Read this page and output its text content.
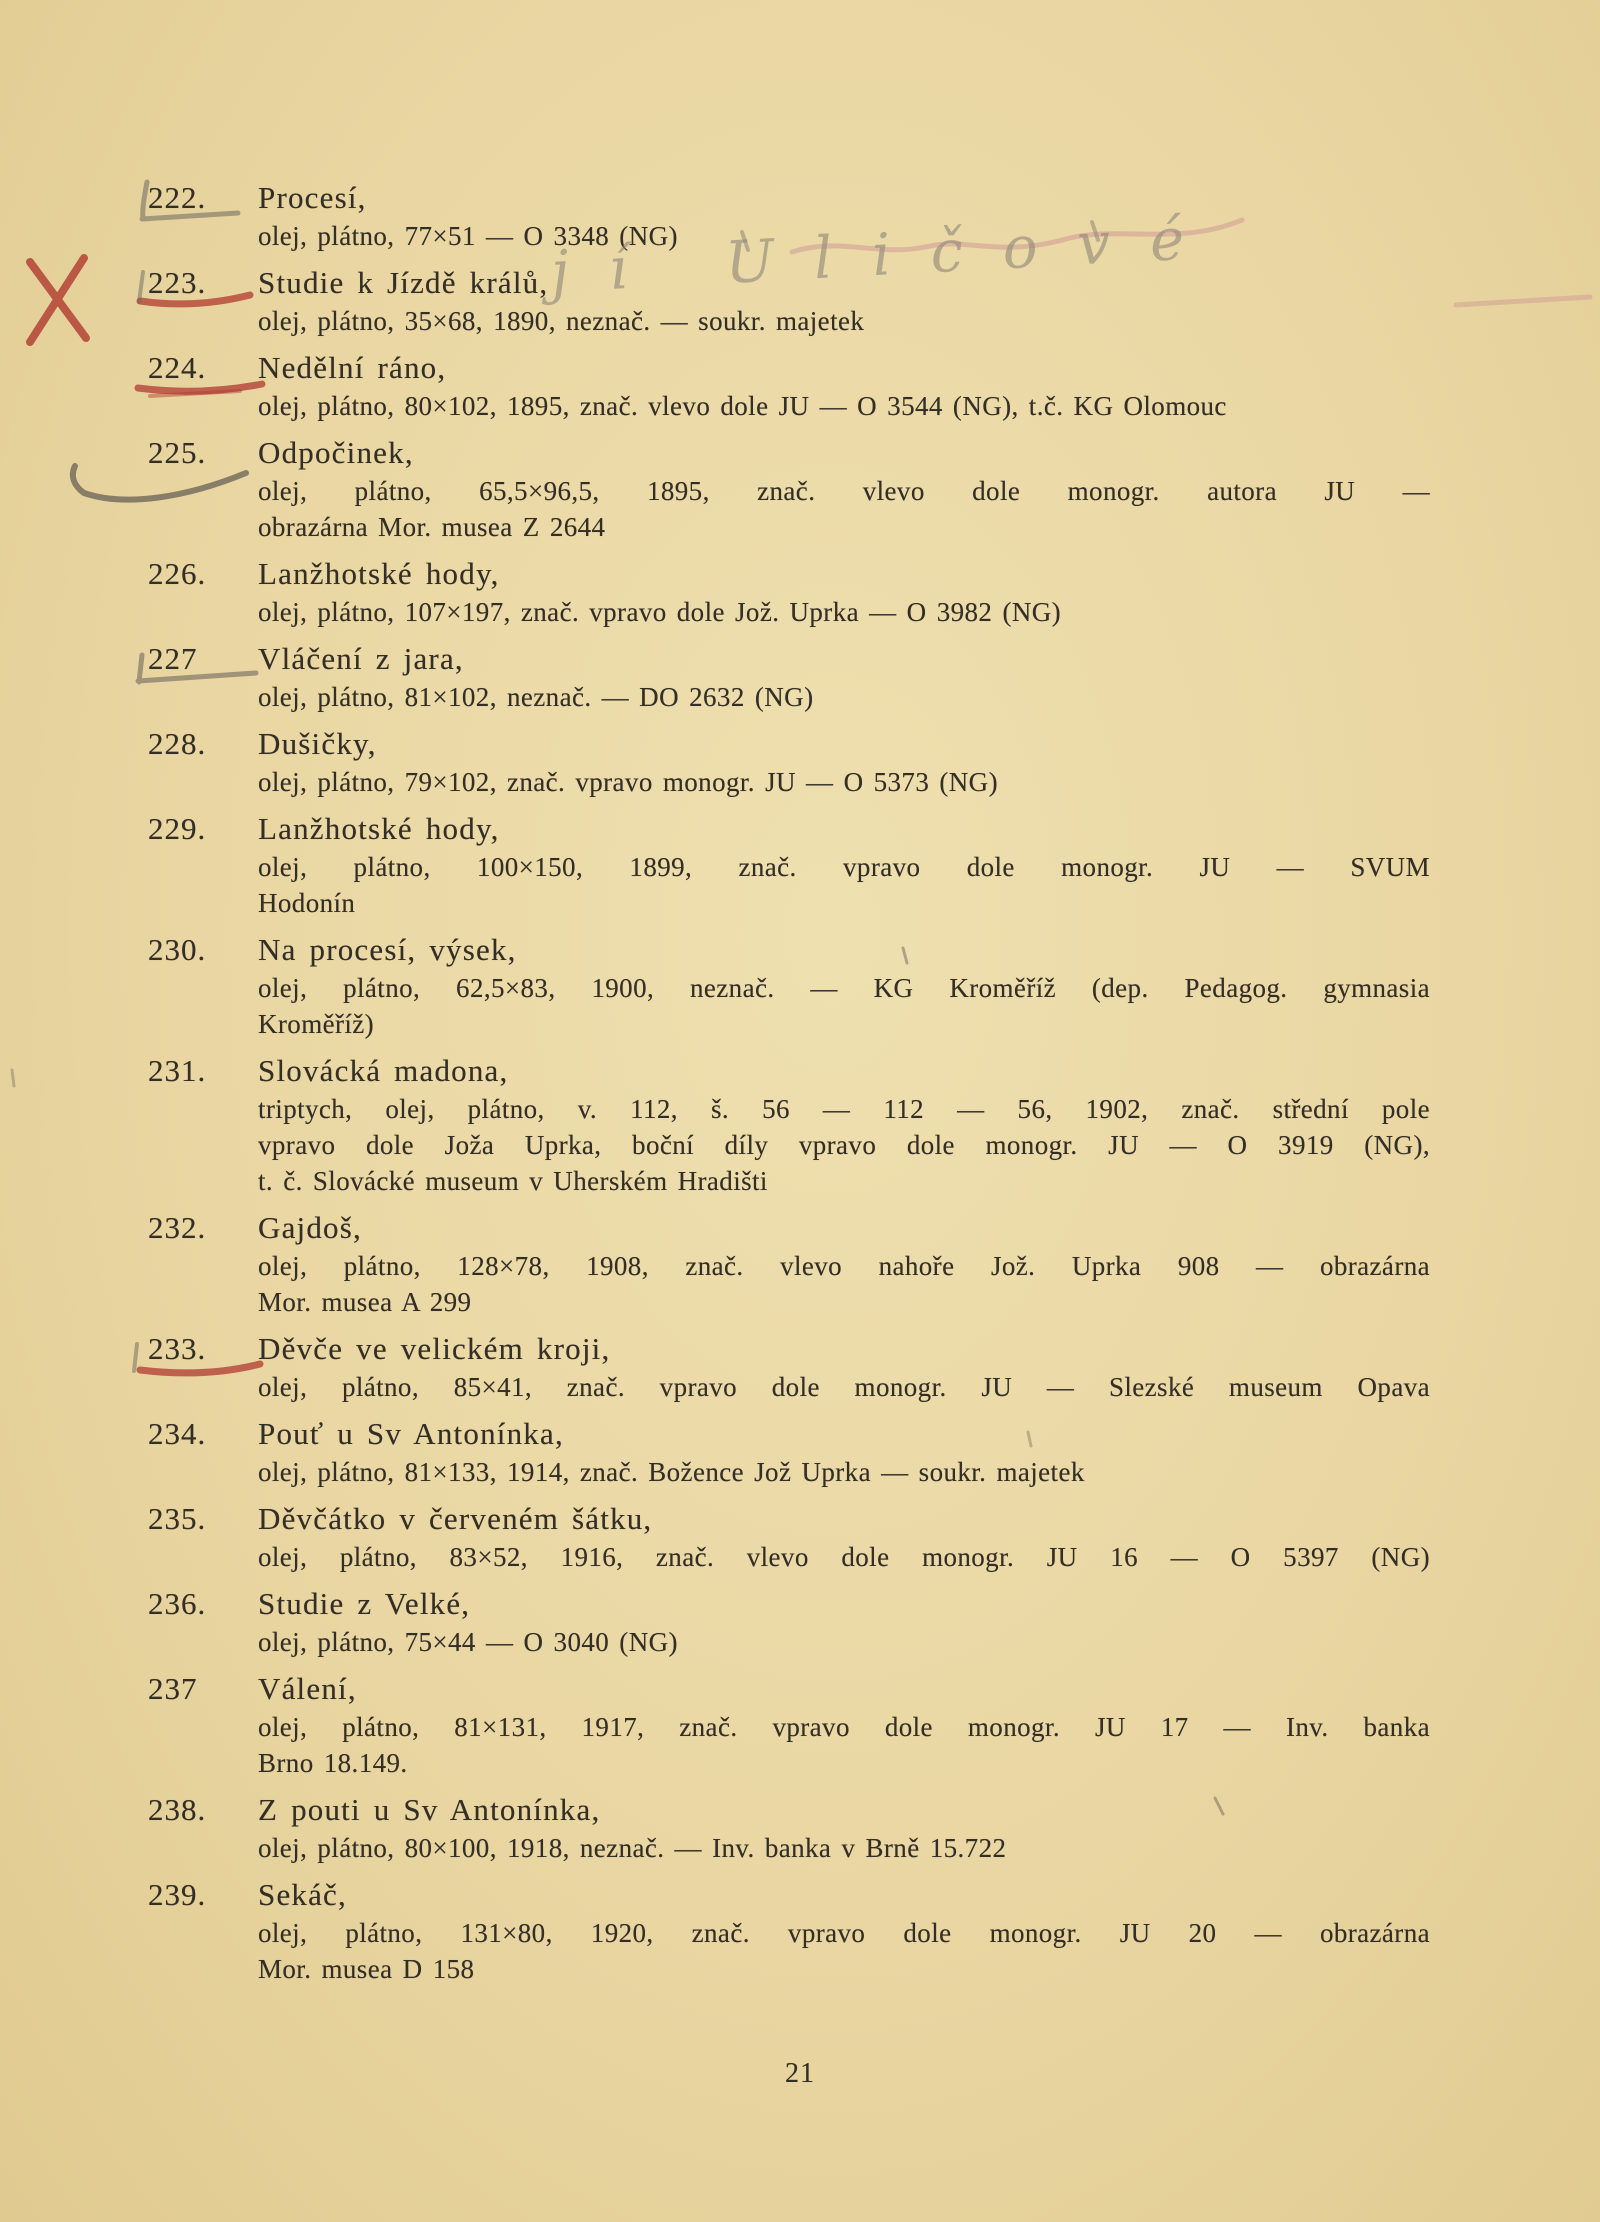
222.	Procesí,
olej, plátno, 77×51 — O 3348 (NG)
223.	Studie k Jízdě králů,
olej, plátno, 35×68, 1890, neznač. — soukr. majetek
224.	Nedělní ráno,
olej, plátno, 80×102, 1895, znač. vlevo dole JU — O 3544 (NG), t.č. KG Olomouc
225.	Odpočinek,
olej, plátno, 65,5×96,5, 1895, znač. vlevo dole monogr. autora JU —
obrazárna Mor. musea Z 2644
226.	Lanžhotské hody,
olej, plátno, 107×197, znač. vpravo dole Jož. Uprka — O 3982 (NG)
227	Vláčení z jara,
olej, plátno, 81×102, neznač. — DO 2632 (NG)
228.	Dušičky,
olej, plátno, 79×102, znač. vpravo monogr. JU — O 5373 (NG)
229.	Lanžhotské hody,
olej, plátno, 100×150, 1899, znač. vpravo dole monogr. JU — SVUM
Hodonín
230.	Na procesí, výsek,
olej, plátno, 62,5×83, 1900, neznač. — KG Kroměříž (dep. Pedagog. gymnasia
Kroměříž)
231.	Slovácká madona,
triptych, olej, plátno, v. 112, š. 56 — 112 — 56, 1902, znač. střední pole
vpravo dole Joža Uprka, boční díly vpravo dole monogr. JU — O 3919 (NG),
t. č. Slovácké museum v Uherském Hradišti
232.	Gajdoš,
olej, plátno, 128×78, 1908, znač. vlevo nahoře Jož. Uprka 908 — obrazárna
Mor. musea A 299
233.	Děvče ve velickém kroji,
olej, plátno, 85×41, znač. vpravo dole monogr. JU — Slezské museum Opava
234.	Pouť u Sv Antonínka,
olej, plátno, 81×133, 1914, znač. Božence Jož Uprka — soukr. majetek
235.	Děvčátko v červeném šátku,
olej, plátno, 83×52, 1916, znač. vlevo dole monogr. JU 16 — O 5397 (NG)
236.	Studie z Velké,
olej, plátno, 75×44 — O 3040 (NG)
237	Válení,
olej, plátno, 81×131, 1917, znač. vpravo dole monogr. JU 17 — Inv. banka
Brno 18.149.
238.	Z pouti u Sv Antonínka,
olej, plátno, 80×100, 1918, neznač. — Inv. banka v Brně 15.722
239.	Sekáč,
olej, plátno, 131×80, 1920, znač. vpravo dole monogr. JU 20 — obrazárna
Mor. musea D 158
21
jí Uličové
